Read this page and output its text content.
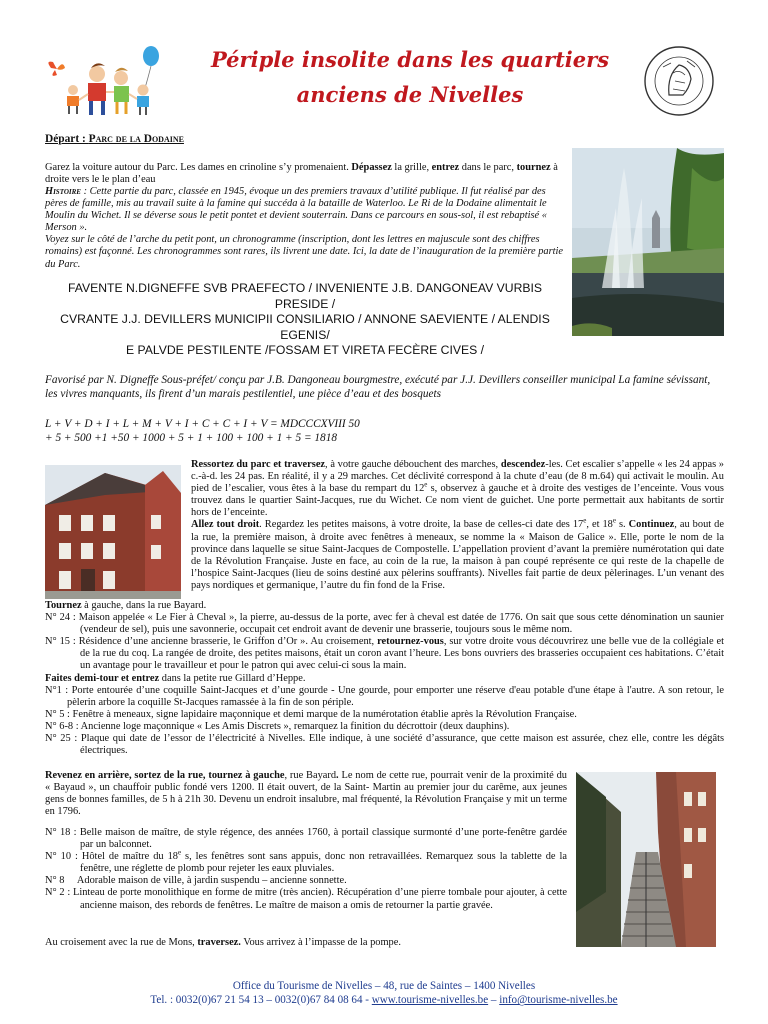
Périple insolite dans les quartiers
anciens de Nivelles
Départ : Parc de la Dodaine
Garez la voiture autour du Parc. Les dames en crinoline s’y promenaient. Dépassez la grille, entrez dans le parc, tournez à droite vers le le plan d’eau
Histoire : Cette partie du parc, classée en 1945, évoque un des premiers travaux d’utilité publique. Il fut réalisé par des pères de famille, mis au travail suite à la famine qui succéda à la bataille de Waterloo. Le Ri de la Dodaine alimentait le Moulin du Wichet. Il se déverse sous le petit pontet et devient souterrain. Dans ce parcours en sous-sol, il est rebaptisé « Merson ».
Voyez sur le côté de l’arche du petit pont, un chronogramme (inscription, dont les lettres en majuscule sont des chiffres romains) est façonné. Les chronogrammes sont rares, ils livrent une date. Ici, la date de l’inauguration de la première partie du Parc.
FAVENTE N.DIGNEFFE SVB PRAEFECTO / INVENIENTE J.B. DANGONEAV VURBIS
PRESIDE /
CVRANTE J.J. DEVILLERS MUNICIPII CONSILIARIO / ANNONE SAEVIENTE / ALENDIS
EGENIS/
E PALVDE PESTILENTE /FOSSAM ET VIRETA FECÈRE CIVES /
Favorisé par N. Digneffe Sous-préfet/ conçu par J.B. Dangoneau bourgmestre, exécuté par J.J. Devillers conseiller municipal La famine sévissant, les vivres manquants, ils firent d’un marais pestilentiel, une pièce d’eau et des bosquets
L + V + D + I + L + M + V + I + C + C + I + V = MDCCCXVIII 50
+ 5 + 500 +1 +50 + 1000 + 5 + 1 + 100 + 100 + 1 + 5 = 1818
Ressortez du parc et traversez, à votre gauche débouchent des marches, descendez-les. Cet escalier s’appelle « les 24 appas » c.-à-d. les 24 pas. En réalité, il y a 29 marches. Cet déclivité correspond à la chute d’eau (de 8 m.64) qui activait le moulin. Au pied de l’escalier, vous êtes à la base du rempart du 12e s, observez à gauche et à droite des vestiges de l’enceinte. Vous vous trouvez dans le quartier Saint-Jacques, rue du Wichet. Ce nom vient de guichet. Une porte permettait aux habitants de sortir hors de l’enceinte.
Allez tout droit. Regardez les petites maisons, à votre droite, la base de celles-ci date des 17e, et 18e s. Continuez, au bout de la rue, la première maison, à droite avec fenêtres à meneaux, se nomme la « Maison de Galice ». Elle, porte le nom de la province dans laquelle se situe Saint-Jacques de Compostelle. L’appellation provient d’avant la première numérotation qui date de la Révolution Française. Juste en face, au coin de la rue, la maison à pan coupé représente ce qui reste de la chapelle de l’hospice Saint-Jacques (lieu de soins destiné aux pèlerins souffrants). Nivelles fait partie de deux pèlerinages. L’un venant des pays nordiques et germanique, l’autre du fin fond de la Frise.
Tournez à gauche, dans la rue Bayard.
N° 24 : Maison appelée « Le Fier à Cheval », la pierre, au-dessus de la porte, avec fer à cheval est datée de 1776. On sait que sous cette dénomination un saunier (vendeur de sel), puis une savonnerie, occupait cet endroit avant de devenir une brasserie, toujours sous le même nom.
N° 15 : Résidence d’une ancienne brasserie, le Griffon d’Or ». Au croisement, retournez-vous, sur votre droite vous découvrirez une belle vue de la collégiale et de la rue du coq. La rangée de droite, des petites maisons, était un coron avant l’heure. Les bons ouvriers des brasseries occupaient ces habitations. C’était un avantage pour le travailleur et pour le patron qui avec celui-ci sous la main.
Faites demi-tour et entrez dans la petite rue Gillard d’Heppe.
N°1 : Porte entourée d’une coquille Saint-Jacques et d’une gourde - Une gourde, pour emporter une réserve d'eau potable d'une étape à l'autre. A son retour, le pèlerin arbore la coquille St-Jacques ramassée à la fin de son périple.
N° 5 : Fenêtre à meneaux, signe lapidaire maçonnique et demi marque de la numérotation établie après la Révolution Française.
N° 6-8 : Ancienne loge maçonnique « Les Amis Discrets », remarquez la finition du décrottoir (deux dauphins).
N° 25 : Plaque qui date de l’essor de l’électricité à Nivelles. Elle indique, à une société d’assurance, que cette maison est assurée, chez elle, contre les dégâts électriques.
Revenez en arrière, sortez de la rue, tournez à gauche, rue Bayard. Le nom de cette rue, pourrait venir de la proximité du « Bayaud », un chauffoir public fondé vers 1200. Il était ouvert, de la Saint- Martin au premier jour du carême, aux jeunes gens de bonnes familles, de 5 h à 21h 30. Devenu un endroit insalubre, mal fréquenté, la Révolution Française y mit un terme en 1796.
N° 18 : Belle maison de maître, de style régence, des années 1760, à portail classique surmonté d’une porte-fenêtre gardée par un balconnet.
N° 10 : Hôtel de maître du 18e s, les fenêtres sont sans appuis, donc non retravaillées. Remarquez sous la tablette de la fenêtre, une réglette de plomb pour rejeter les eaux pluviales.
N° 8     Adorable maison de ville, à jardin suspendu – ancienne sonnette.
N° 2 : Linteau de porte monolithique en forme de mitre (très ancien). Récupération d’une pierre tombale pour ajouter, à cette ancienne maison, des rebords de fenêtres. Le maître de maison a omis de retourner la partie gravée.
Au croisement avec la rue de Mons, traversez. Vous arrivez à l’impasse de la pompe.
Office du Tourisme de Nivelles – 48, rue de Saintes – 1400 Nivelles
Tel. : 0032(0)67 21 54 13 – 0032(0)67 84 08 64 - www.tourisme-nivelles.be – info@tourisme-nivelles.be
